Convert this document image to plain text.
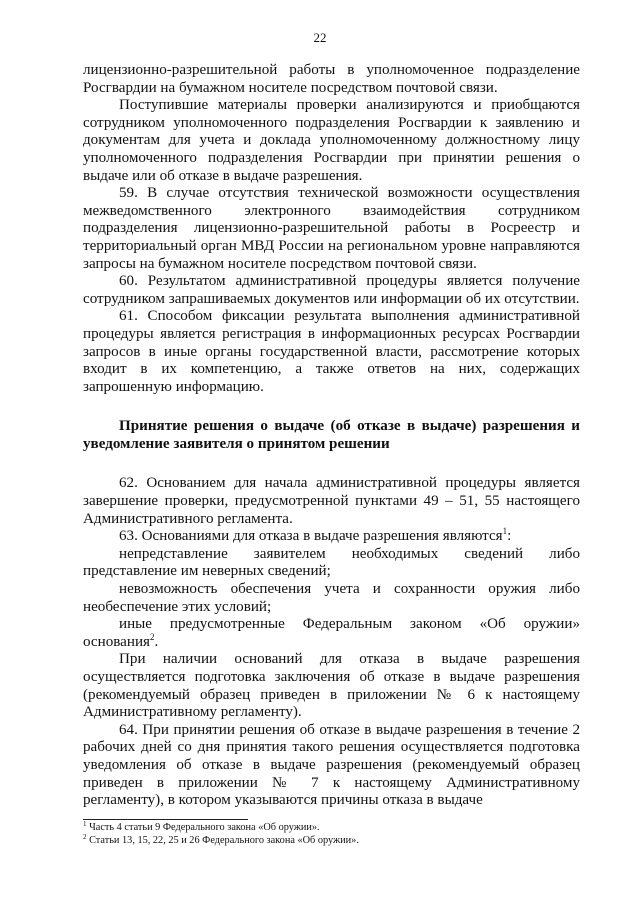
22

лицензионно-разрешительной работы в уполномоченное подразделение Росгвардии на бумажном носителе посредством почтовой связи.

Поступившие материалы проверки анализируются и приобщаются сотрудником уполномоченного подразделения Росгвардии к заявлению и документам для учета и доклада уполномоченному должностному лицу уполномоченного подразделения Росгвардии при принятии решения о выдаче или об отказе в выдаче разрешения.

59. В случае отсутствия технической возможности осуществления межведомственного электронного взаимодействия сотрудником подразделения лицензионно-разрешительной работы в Росреестр и территориальный орган МВД России на региональном уровне направляются запросы на бумажном носителе посредством почтовой связи.

60. Результатом административной процедуры является получение сотрудником запрашиваемых документов или информации об их отсутствии.

61. Способом фиксации результата выполнения административной процедуры является регистрация в информационных ресурсах Росгвардии запросов в иные органы государственной власти, рассмотрение которых входит в их компетенцию, а также ответов на них, содержащих запрошенную информацию.

Принятие решения о выдаче (об отказе в выдаче) разрешения и уведомление заявителя о принятом решении

62. Основанием для начала административной процедуры является завершение проверки, предусмотренной пунктами 49 – 51, 55 настоящего Административного регламента.

63. Основаниями для отказа в выдаче разрешения являются$^1$:

непредставление заявителем необходимых сведений либо представление им неверных сведений;

невозможность обеспечения учета и сохранности оружия либо необеспечение этих условий;

иные предусмотренные Федеральным законом «Об оружии» основания$^2$.

При наличии оснований для отказа в выдаче разрешения осуществляется подготовка заключения об отказе в выдаче разрешения (рекомендуемый образец приведен в приложении № 6 к настоящему Административному регламенту).

64. При принятии решения об отказе в выдаче разрешения в течение 2 рабочих дней со дня принятия такого решения осуществляется подготовка уведомления об отказе в выдаче разрешения (рекомендуемый образец приведен в приложении № 7 к настоящему Административному регламенту), в котором указываются причины отказа в выдаче

$^1$ Часть 4 статьи 9 Федерального закона «Об оружии».

$^2$ Статьи 13, 15, 22, 25 и 26 Федерального закона «Об оружии».
